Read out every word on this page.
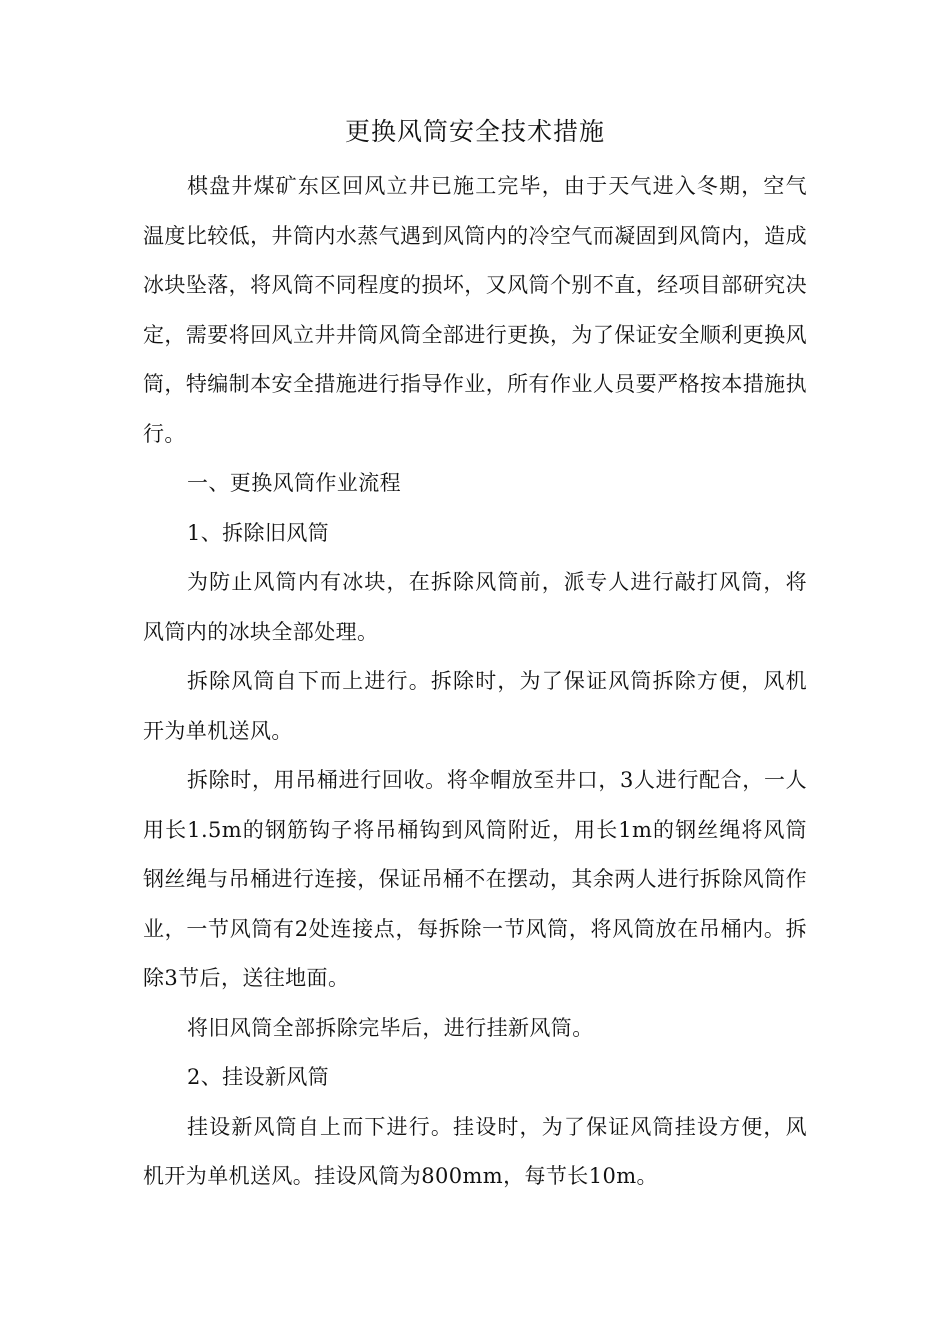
更换风筒安全技术措施

棋盘井煤矿东区回风立井已施工完毕，由于天气进入冬期，空气温度比较低，井筒内水蒸气遇到风筒内的冷空气而凝固到风筒内，造成冰块坠落，将风筒不同程度的损坏，又风筒个别不直，经项目部研究决定，需要将回风立井井筒风筒全部进行更换，为了保证安全顺利更换风筒，特编制本安全措施进行指导作业，所有作业人员要严格按本措施执行。

一、更换风筒作业流程

1、拆除旧风筒

为防止风筒内有冰块，在拆除风筒前，派专人进行敲打风筒，将风筒内的冰块全部处理。

拆除风筒自下而上进行。拆除时，为了保证风筒拆除方便，风机开为单机送风。

拆除时，用吊桶进行回收。将伞帽放至井口，3人进行配合，一人用长1.5m的钢筋钩子将吊桶钩到风筒附近，用长1m的钢丝绳将风筒钢丝绳与吊桶进行连接，保证吊桶不在摆动，其余两人进行拆除风筒作业，一节风筒有2处连接点，每拆除一节风筒，将风筒放在吊桶内。拆除3节后，送往地面。

将旧风筒全部拆除完毕后，进行挂新风筒。

2、挂设新风筒

挂设新风筒自上而下进行。挂设时，为了保证风筒挂设方便，风机开为单机送风。挂设风筒为800mm，每节长10m。
